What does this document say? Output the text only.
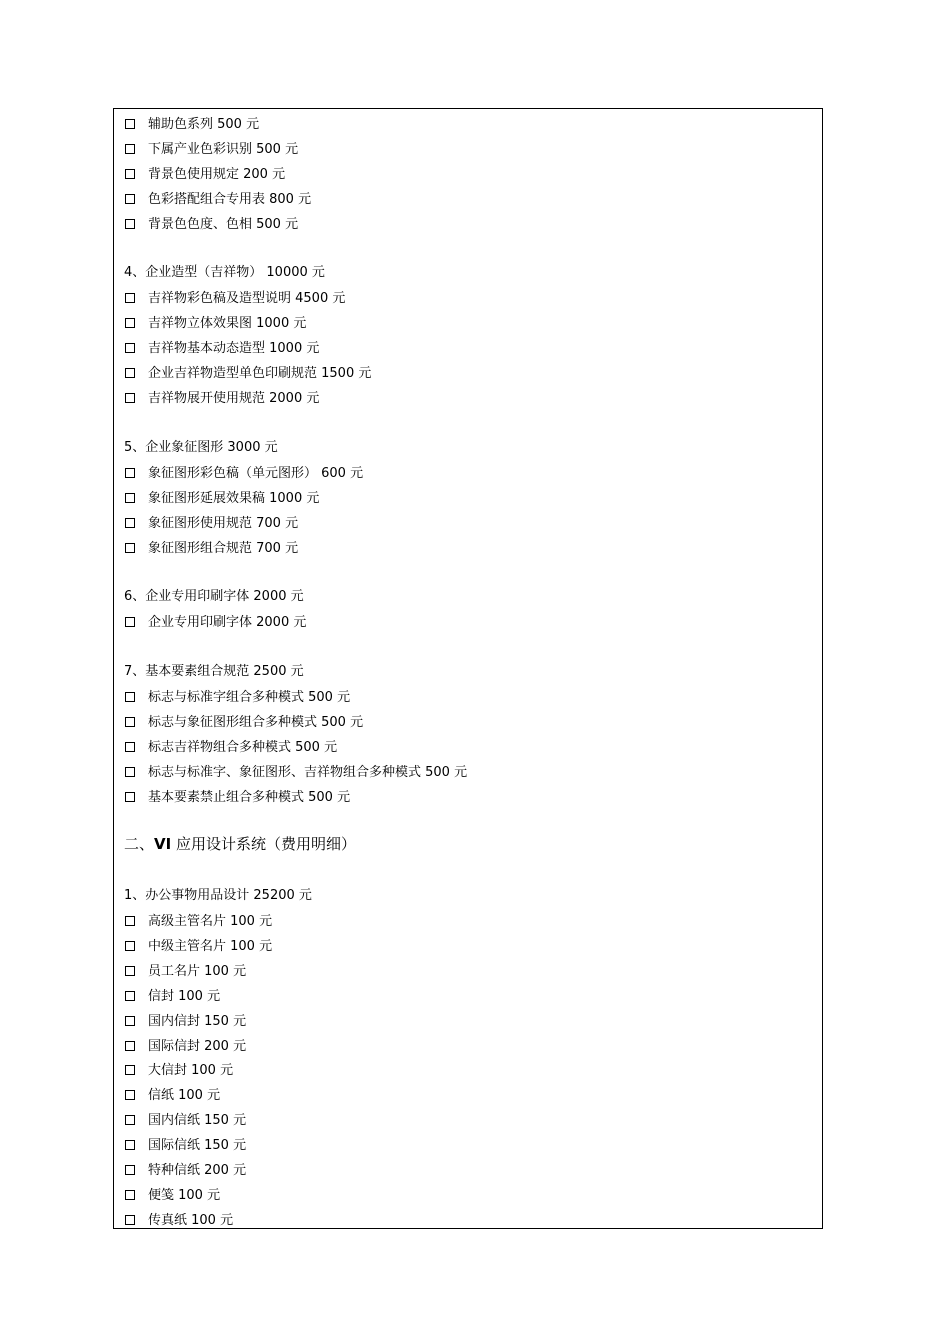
辅助色系列 500 元
下属产业色彩识别 500 元
背景色使用规定 200 元
色彩搭配组合专用表 800 元
背景色色度、色相 500 元
4、企业造型（吉祥物） 10000 元
吉祥物彩色稿及造型说明 4500 元
吉祥物立体效果图 1000 元
吉祥物基本动态造型 1000 元
企业吉祥物造型单色印刷规范 1500 元
吉祥物展开使用规范 2000 元
5、企业象征图形 3000 元
象征图形彩色稿（单元图形） 600 元
象征图形延展效果稿 1000 元
象征图形使用规范 700 元
象征图形组合规范 700 元
6、企业专用印刷字体 2000 元
企业专用印刷字体 2000 元
7、基本要素组合规范 2500 元
标志与标准字组合多种模式 500 元
标志与象征图形组合多种模式 500 元
标志吉祥物组合多种模式 500 元
标志与标准字、象征图形、吉祥物组合多种模式 500 元
基本要素禁止组合多种模式 500 元
二、VI 应用设计系统（费用明细）
1、办公事物用品设计 25200 元
高级主管名片 100 元
中级主管名片 100 元
员工名片 100 元
信封 100 元
国内信封 150 元
国际信封 200 元
大信封 100 元
信纸 100 元
国内信纸 150 元
国际信纸 150 元
特种信纸 200 元
便笺 100 元
传真纸 100 元
